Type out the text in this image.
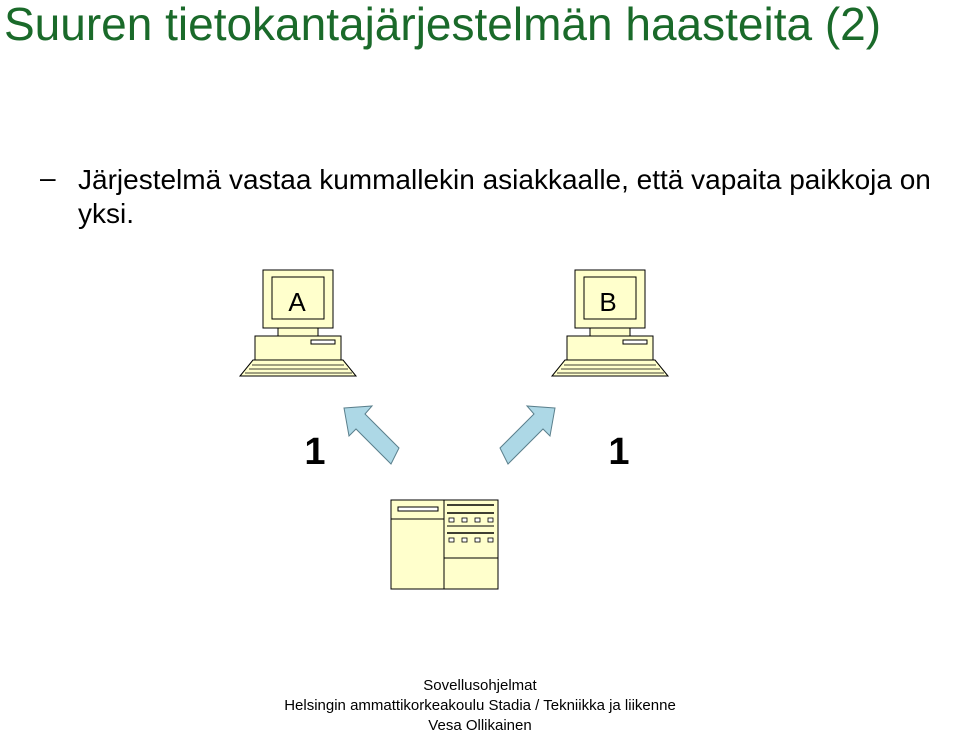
Suuren tietokantajärjestelmän haasteita (2)
– Järjestelmä vastaa kummallekin asiakkaalle, että vapaita paikkoja on yksi.

A	B
1	1
Sovellusohjelmat
Helsingin ammattikorkeakoulu Stadia / Tekniikka ja liikenne
Vesa Ollikainen
